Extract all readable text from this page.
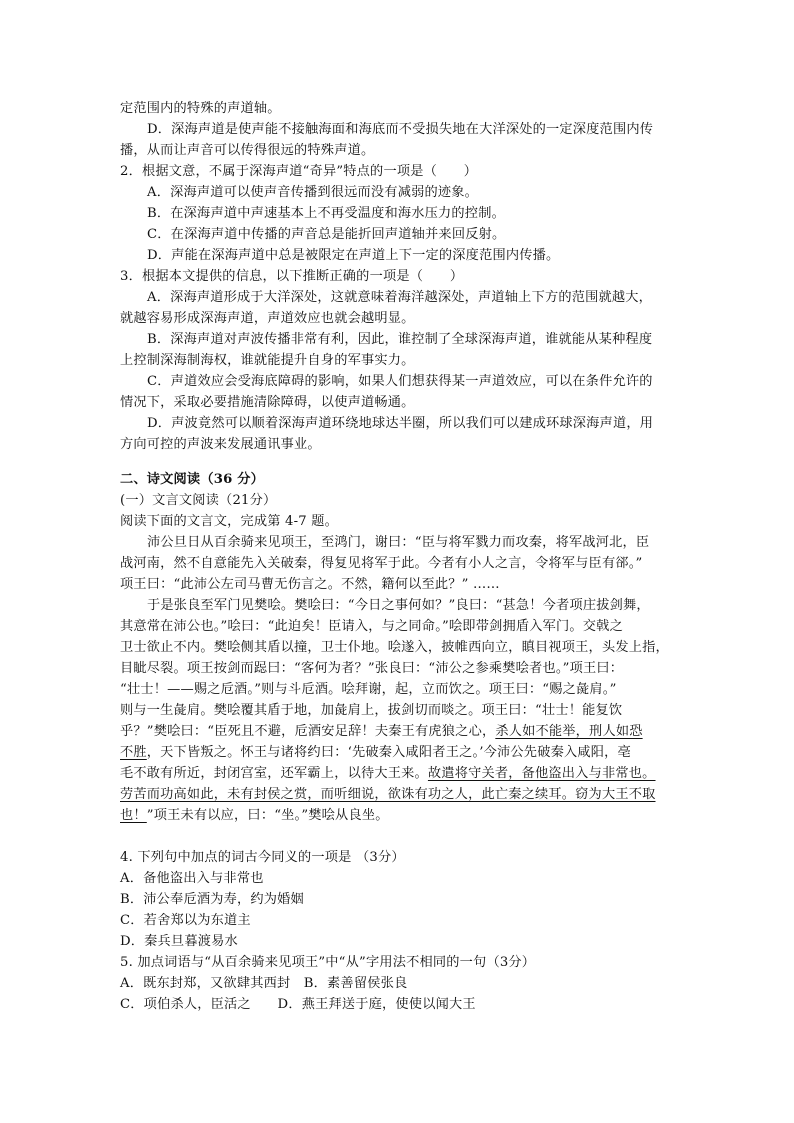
定范围内的特殊的声道轴。
D．深海声道是使声能不接触海面和海底而不受损失地在大洋深处的一定深度范围内传
播，从而让声音可以传得很远的特殊声道。
2．根据文意，不属于深海声道“奇异”特点的一项是（　　）
A．深海声道可以使声音传播到很远而没有减弱的迹象。
B．在深海声道中声速基本上不再受温度和海水压力的控制。
C．在深海声道中传播的声音总是能折回声道轴并来回反射。
D．声能在深海声道中总是被限定在声道上下一定的深度范围内传播。
3．根据本文提供的信息，以下推断正确的一项是（　　）
A．深海声道形成于大洋深处，这就意味着海洋越深处，声道轴上下方的范围就越大，
就越容易形成深海声道，声道效应也就会越明显。
B．深海声道对声波传播非常有利，因此，谁控制了全球深海声道，谁就能从某种程度
上控制深海制海权，谁就能提升自身的军事实力。
C．声道效应会受海底障碍的影响，如果人们想获得某一声道效应，可以在条件允许的
情况下，采取必要措施清除障碍，以使声道畅通。
D．声波竟然可以顺着深海声道环绕地球达半圈，所以我们可以建成环球深海声道，用
方向可控的声波来发展通讯事业。
二、诗文阅读（36 分）
(一）文言文阅读（21分）
阅读下面的文言文，完成第 4-7 题。
沛公旦日从百余骑来见项王，至鸿门，谢曰：“臣与将军戮力而攻秦，将军战河北，臣
战河南，然不自意能先入关破秦，得复见将军于此。今者有小人之言，令将军与臣有郤。”
项王曰：“此沛公左司马曹无伤言之。不然，籍何以至此？” ……
于是张良至军门见樊哙。樊哙曰：“今日之事何如？”良曰：“甚急！今者项庄拔剑舞，
其意常在沛公也。”哙曰：“此迫矣！臣请入，与之同命。”哙即带剑拥盾入军门。交戟之
卫士欲止不内。樊哙侧其盾以撞，卫士仆地。哙遂入，披帷西向立，瞋目视项王，头发上指，
目眦尽裂。项王按剑而跽曰：“客何为者？”张良曰：“沛公之参乘樊哙者也。”项王曰：
“壮士！——赐之卮酒。”则与斗卮酒。哙拜谢，起，立而饮之。项王曰：“赐之彘肩。”
则与一生彘肩。樊哙覆其盾于地，加彘肩上，拔剑切而啖之。项王曰：“壮士！能复饮
乎？”樊哙曰：“臣死且不避，卮酒安足辞！夫秦王有虎狼之心，杀人如不能举，刑人如恐
不胜，天下皆叛之。怀王与诸将约曰：‘先破秦入咸阳者王之。’今沛公先破秦入咸阳，亳
毛不敢有所近，封闭宫室，还军霸上，以待大王来。故遣将守关者，备他盗出入与非常也。
劳苦而功高如此，未有封侯之赏，而听细说，欲诛有功之人，此亡秦之续耳。窃为大王不取
也！”项王未有以应，曰：“坐。”樊哙从良坐。
4. 下列句中加点的词古今同义的一项是 （3分）
A．备他盗出入与非常也
B．沛公奉卮酒为寿，约为婚姻
C．若舍郑以为东道主
D．秦兵旦暮渡易水
5. 加点词语与“从百余骑来见项王”中“从”字用法不相同的一句（3分）
A．既东封郑，又欲肆其西封　B．素善留侯张良
C．项伯杀人，臣活之　　D．燕王拜送于庭，使使以闻大王
